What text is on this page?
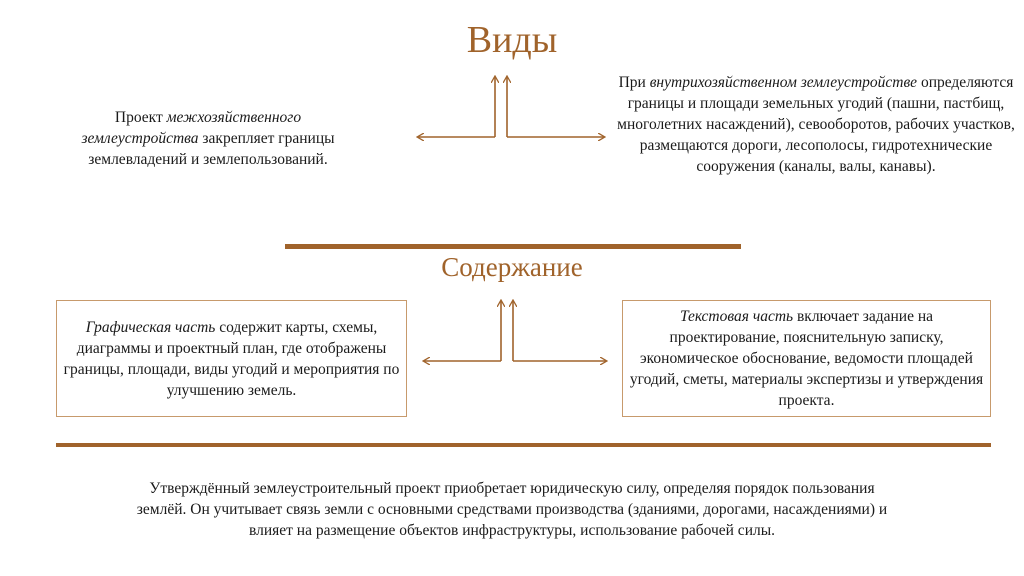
Виды
Проект межхозяйственного землеустройства закрепляет границы землевладений и землепользований.
При внутрихозяйственном землеустройстве определяются границы и площади земельных угодий (пашни, пастбищ, многолетних насаждений), севооборотов, рабочих участков, размещаются дороги, лесополосы, гидротехнические сооружения (каналы, валы, канавы).
Содержание
Графическая часть содержит карты, схемы, диаграммы и проектный план, где отображены границы, площади, виды угодий и мероприятия по улучшению земель.
Текстовая часть включает задание на проектирование, пояснительную записку, экономическое обоснование, ведомости площадей угодий, сметы, материалы экспертизы и утверждения проекта.
Утверждённый землеустроительный проект приобретает юридическую силу, определяя порядок пользования землёй. Он учитывает связь земли с основными средствами производства (зданиями, дорогами, насаждениями) и влияет на размещение объектов инфраструктуры, использование рабочей силы.
